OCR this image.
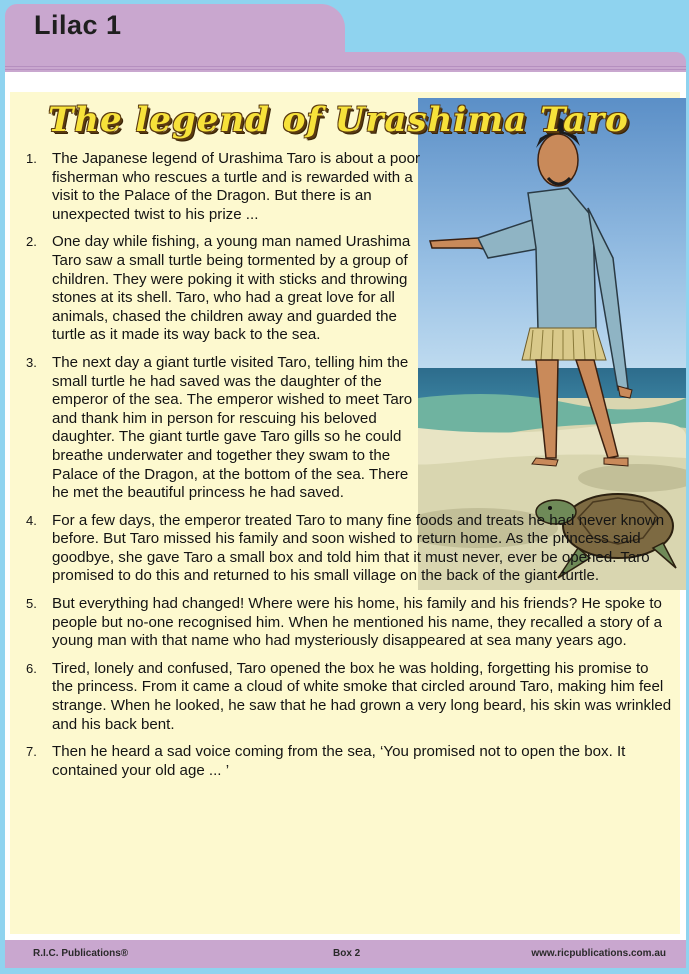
Lilac 1
The legend of Urashima Taro
1. The Japanese legend of Urashima Taro is about a poor fisherman who rescues a turtle and is rewarded with a visit to the Palace of the Dragon. But there is an unexpected twist to his prize ...
2. One day while fishing, a young man named Urashima Taro saw a small turtle being tormented by a group of children. They were poking it with sticks and throwing stones at its shell. Taro, who had a great love for all animals, chased the children away and guarded the turtle as it made its way back to the sea.
3. The next day a giant turtle visited Taro, telling him the small turtle he had saved was the daughter of the emperor of the sea. The emperor wished to meet Taro and thank him in person for rescuing his beloved daughter. The giant turtle gave Taro gills so he could breathe underwater and together they swam to the Palace of the Dragon, at the bottom of the sea. There he met the beautiful princess he had saved.
4. For a few days, the emperor treated Taro to many fine foods and treats he had never known before. But Taro missed his family and soon wished to return home. As the princess said goodbye, she gave Taro a small box and told him that it must never, ever be opened. Taro promised to do this and returned to his small village on the back of the giant turtle.
5. But everything had changed! Where were his home, his family and his friends? He spoke to people but no-one recognised him. When he mentioned his name, they recalled a story of a young man with that name who had mysteriously disappeared at sea many years ago.
6. Tired, lonely and confused, Taro opened the box he was holding, forgetting his promise to the princess. From it came a cloud of white smoke that circled around Taro, making him feel strange. When he looked, he saw that he had grown a very long beard, his skin was wrinkled and his back bent.
7. Then he heard a sad voice coming from the sea, ‘You promised not to open the box. It contained your old age ... ’
R.I.C. Publications®	Box 2	www.ricpublications.com.au
